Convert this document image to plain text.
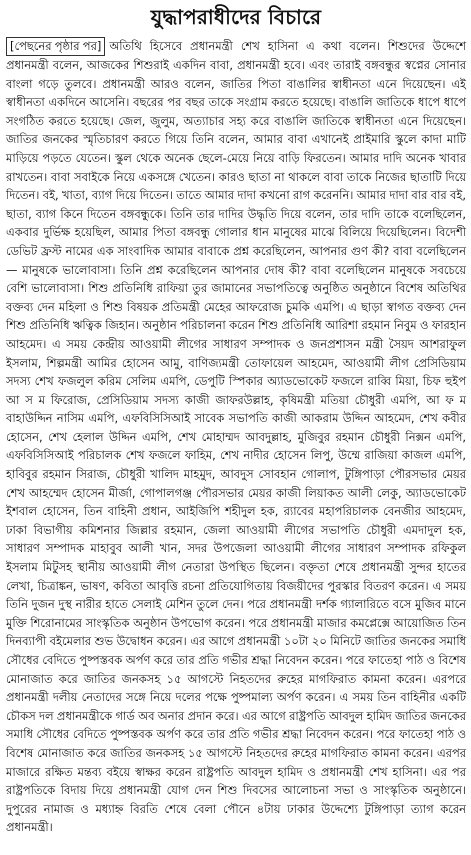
যুদ্ধাপরাধীদের বিচারে

[পেছনের পৃষ্ঠার পর] অতিথি হিসেবে প্রধানমন্ত্রী শেখ হাসিনা এ কথা বলেন। শিশুদের উদ্দেশে প্রধানমন্ত্রী বলেন, আজকের শিশুরাই একদিন বাবা, প্রধানমন্ত্রী হবে। এবং তারাই বঙ্গবন্ধুর স্বপ্নের সোনার বাংলা গড়ে তুলবে। প্রধানমন্ত্রী আরও বলেন, জাতির পিতা বাঙালির স্বাধীনতা এনে দিয়েছেন। এই স্বাধীনতা একদিনে আসেনি। বছরের পর বছর তাকে সংগ্রাম করতে হয়েছে। বাঙালি জাতিকে ধাপে ধাপে সংগঠিত করতে হয়েছে। জেল, জুলুম, অত্যাচার সহ্য করে বাঙালি জাতিকে স্বাধীনতা এনে দিয়েছেন। জাতির জনকের স্মৃতিচারণ করতে গিয়ে তিনি বলেন, আমার বাবা এখানেই প্রাইমারি স্কুলে কাদা মাটি মাড়িয়ে পড়তে যেতেন। স্কুল থেকে অনেক ছেলে-মেয়ে নিয়ে বাড়ি ফিরতেন। আমার দাদি অনেক খাবার রাখতেন। বাবা সবাইকে নিয়ে একসঙ্গে খেতেন। কারও ছাতা না থাকলে বাবা তাকে নিজের ছাতাটি দিয়ে দিতেন। বই, খাতা, ব্যাগ দিয়ে দিতেন। তাতে আমার দাদা কখনো রাগ করেননি। আমার দাদা বার বার বই, ছাতা, ব্যাগ কিনে দিতেন বঙ্গবন্ধুকে। তিনি তার দাদির উদ্ধৃতি দিয়ে বলেন, তার দাদি তাকে বলেছিলেন, একবার দুর্ভিক্ষ হয়েছিল, আমার পিতা বঙ্গবন্ধু গোলার ধান মানুষের মাঝে বিলিয়ে দিয়েছিলেন। বিদেশী ডেভিট ফ্রস্ট নামের এক সাংবাদিক আমার বাবাকে প্রশ্ন করেছিলেন, আপনার গুণ কী? বাবা বলেছিলেন— মানুষকে ভালোবাসা। তিনি প্রশ্ন করেছিলেন আপনার দোষ কী? বাবা বলেছিলেন মানুষকে সবচেয়ে বেশি ভালোবাসা। শিশু প্রতিনিধি রাফিয়া তুর জামানের সভাপতিত্বে অনুষ্ঠিত অনুষ্ঠানে বিশেষ অতিথির বক্তব্য দেন মহিলা ও শিশু বিষয়ক প্রতিমন্ত্রী মেহের আফরোজ চুমকি এমপি। এ ছাড়া স্বাগত বক্তব্য দেন শিশু প্রতিনিধি ঋত্বিক জিহান। অনুষ্ঠান পরিচালনা করেন শিশু প্রতিনিধি আরিশা রহমান নিবুম ও ফারহান আহমেদ। এ সময় কেন্দ্রীয় আওয়ামী লীগের সাধারণ সম্পাদক ও জনপ্রশাসন মন্ত্রী সৈয়দ আশরাফুল ইসলাম, শিল্পমন্ত্রী আমির হোসেন আমু, বাণিজ্যমন্ত্রী তোফায়েল আহমেদ, আওয়ামী লীগ প্রেসিডিয়াম সদস্য শেখ ফজলুল করিম সেলিম এমপি, ডেপুটি স্পিকার অ্যাডভোকেট ফজলে রাব্বি মিয়া, চিফ হুইপ আ স ম ফিরোজ, প্রেসিডিয়াম সদস্য কাজী জাফরউল্লাহ, কৃষিমন্ত্রী মতিয়া চৌধুরী এমপি, আ ফ ম বাহাউদ্দিন নাসিম এমপি, এফবিসিসিআই সাবেক সভাপতি কাজী আকরাম উদ্দিন আহমেদ, শেখ কবীর হোসেন, শেখ হেলাল উদ্দিন এমপি, শেখ মোহাম্মদ আবদুল্লাহ, মুজিবুর রহমান চৌধুরী নিক্সন এমপি, এফবিসিসিআই পরিচালক শেখ ফজলে ফাহিম, শেখ নাদীর হোসেন লিপু, উম্মে রাজিয়া কাজল এমপি, হাবিবুর রহমান সিরাজ, চৌধুরী খালিদ মাহমুদ, আবদুস সোবহান গোলাপ, টুঙ্গিপাড়া পৌরসভার মেয়র শেখ আহম্মেদ হোসেন মীর্জা, গোপালগঞ্জ পৌরসভার মেয়র কাজী লিয়াকত আলী লেকু, অ্যাডভোকেট ইশবাল হোসেন, তিন বাহিনী প্রধান, আইজিপি শহীদুল হক, র‍্যাবের মহাপরিচালক বেনজীর আহমেদ, ঢাকা বিভাগীয় কমিশনার জিল্লার রহমান, জেলা আওয়ামী লীগের সভাপতি চৌধুরী এমদাদুল হক, সাধারণ সম্পাদক মাহাবুব আলী খান, সদর উপজেলা আওয়ামী লীগের সাধারণ সম্পাদক রফিকুল ইসলাম মিটুসহ স্থানীয় আওয়ামী লীগ নেতারা উপস্থিত ছিলেন। বক্তৃতা শেষে প্রধানমন্ত্রী সুন্দর হাতের লেখা, চিত্রাঙ্কন, ভাষণ, কবিতা আবৃত্তি রচনা প্রতিযোগিতায় বিজয়ীদের পুরস্কার বিতরণ করেন। এ সময় তিনি দুজন দুস্থ নারীর হাতে সেলাই মেশিন তুলে দেন। পরে প্রধানমন্ত্রী দর্শক গ্যালারিতে বসে মুজিব মানে মুক্তি শিরোনামের সাংস্কৃতিক অনুষ্ঠান উপভোগ করেন। পরে প্রধানমন্ত্রী মাজার কমপ্লেক্সে আয়োজিত তিন দিনব্যাপী বইমেলার শুভ উদ্বোধন করেন। এর আগে প্রধানমন্ত্রী ১০টা ২০ মিনিটে জাতির জনকের সমাধি সৌধের বেদিতে পুষ্পস্তবক অর্পণ করে তার প্রতি গভীর শ্রদ্ধা নিবেদন করেন। পরে ফাতেহা পাঠ ও বিশেষ মোনাজাত করে জাতির জনকসহ ১৫ আগস্টে নিহতদের রুহের মাগফিরাত কামনা করেন। এরপরে প্রধানমন্ত্রী দলীয় নেতাদের সঙ্গে নিয়ে দলের পক্ষে পুষ্পমাল্য অর্পণ করেন। এ সময় তিন বাহিনীর একটি চৌকস দল প্রধানমন্ত্রীকে গার্ড অব অনার প্রদান করে। এর আগে রাষ্ট্রপতি আবদুল হামিদ জাতির জনকের সমাধি সৌধের বেদিতে পুষ্পস্তবক অর্পণ করে তার প্রতি গভীর শ্রদ্ধা নিবেদন করেন। পরে ফাতেহা পাঠ ও বিশেষ মোনাজাত করে জাতির জনকসহ ১৫ আগস্টে নিহতদের রুহের মাগফিরাত কামনা করেন। এরপর মাজারে রক্ষিত মন্তব্য বইয়ে স্বাক্ষর করেন রাষ্ট্রপতি আবদুল হামিদ ও প্রধানমন্ত্রী শেখ হাসিনা। এর পর রাষ্ট্রপতিকে বিদায় দিয়ে প্রধানমন্ত্রী যোগ দেন শিশু দিবসের আলোচনা সভা ও সাংস্কৃতিক অনুষ্ঠানে। দুপুরের নামাজ ও মধ্যাহ্ন বিরতি শেষে বেলা পৌনে ৪টায় ঢাকার উদ্দেশ্যে টুঙ্গিপাড়া ত্যাগ করেন প্রধানমন্ত্রী।
